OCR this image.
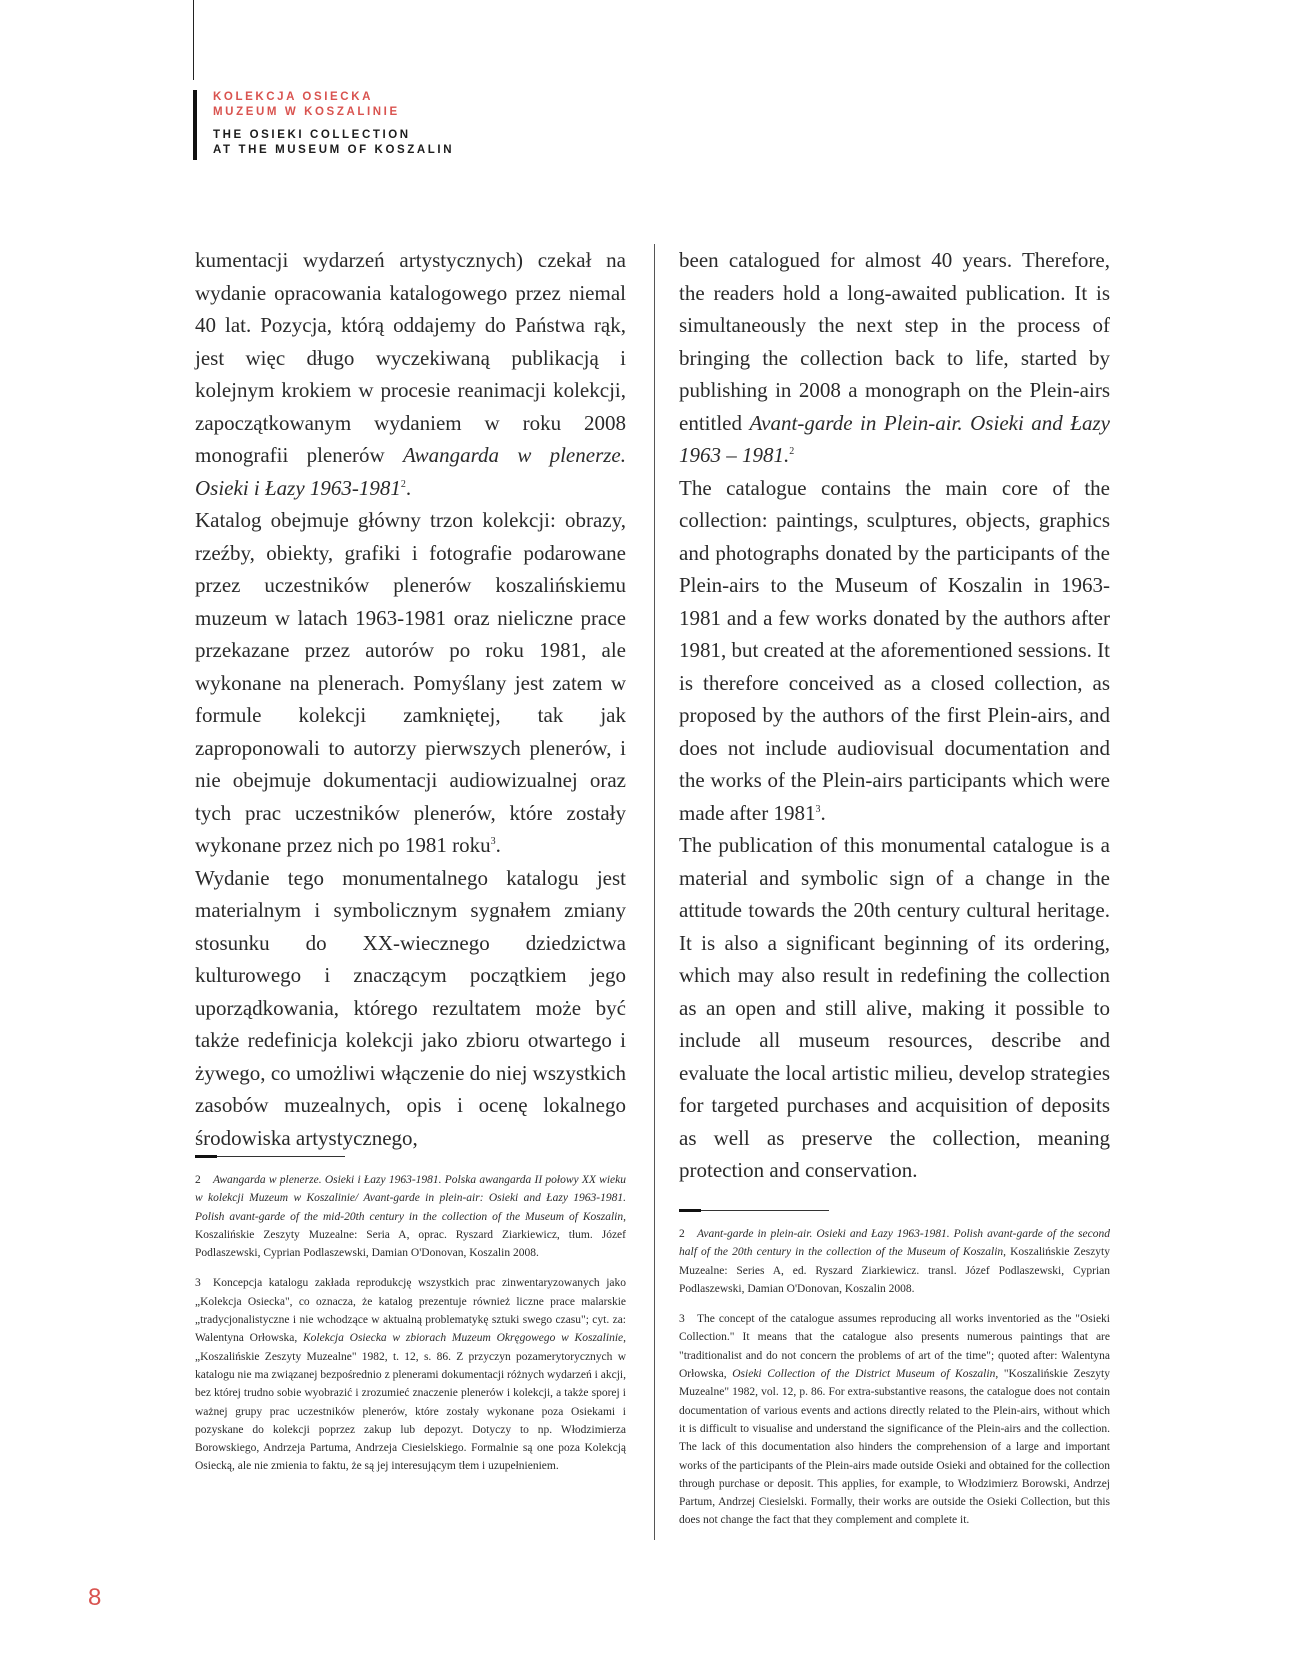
KOLEKCJA OSIECKA
MUZEUM W KOSZALINIE
THE OSIEKI COLLECTION
AT THE MUSEUM OF KOSZALIN

kumentacji wydarzeń artystycznych) czekał na wydanie opracowania katalogowego przez niemal 40 lat. Pozycja, którą oddajemy do Państwa rąk, jest więc długo wyczekiwaną publikacją i kolejnym krokiem w procesie reanimacji kolekcji, zapoczątkowanym wydaniem w roku 2008 monografii plenerów Awangarda w plenerze. Osieki i Łazy 1963-1981$^2$.

Katalog obejmuje główny trzon kolekcji: obrazy, rzeźby, obiekty, grafiki i fotografie podarowane przez uczestników plenerów koszalińskiemu muzeum w latach 1963-1981 oraz nieliczne prace przekazane przez autorów po roku 1981, ale wykonane na plenerach. Pomyślany jest zatem w formule kolekcji zamkniętej, tak jak zaproponowali to autorzy pierwszych plenerów, i nie obejmuje dokumentacji audiowizualnej oraz tych prac uczestników plenerów, które zostały wykonane przez nich po 1981 roku$^3$.

Wydanie tego monumentalnego katalogu jest materialnym i symbolicznym sygnałem zmiany stosunku do XX-wiecznego dziedzictwa kulturowego i znaczącym początkiem jego uporządkowania, którego rezultatem może być także redefinicja kolekcji jako zbioru otwartego i żywego, co umożliwi włączenie do niej wszystkich zasobów muzealnych, opis i ocenę lokalnego środowiska artystycznego,

been catalogued for almost 40 years. Therefore, the readers hold a long-awaited publication. It is simultaneously the next step in the process of bringing the collection back to life, started by publishing in 2008 a monograph on the Plein-airs entitled Avant-garde in Plein-air. Osieki and Łazy 1963 – 1981.$^2$

The catalogue contains the main core of the collection: paintings, sculptures, objects, graphics and photographs donated by the participants of the Plein-airs to the Museum of Koszalin in 1963-1981 and a few works donated by the authors after 1981, but created at the aforementioned sessions. It is therefore conceived as a closed collection, as proposed by the authors of the first Plein-airs, and does not include audiovisual documentation and the works of the Plein-airs participants which were made after 1981$^3$.

The publication of this monumental catalogue is a material and symbolic sign of a change in the attitude towards the 20th century cultural heritage. It is also a significant beginning of its ordering, which may also result in redefining the collection as an open and still alive, making it possible to include all museum resources, describe and evaluate the local artistic milieu, develop strategies for targeted purchases and acquisition of deposits as well as preserve the collection, meaning protection and conservation.

2 Awangarda w plenerze. Osieki i Łazy 1963-1981. Polska awangarda II połowy XX wieku w kolekcji Muzeum w Koszalinie/ Avant-garde in plein-air: Osieki and Łazy 1963-1981. Polish avant-garde of the mid-20th century in the collection of the Museum of Koszalin, Koszalińskie Zeszyty Muzealne: Seria A, oprac. Ryszard Ziarkiewicz, tłum. Józef Podlaszewski, Cyprian Podlaszewski, Damian O'Donovan, Koszalin 2008.

3 Koncepcja katalogu zakłada reprodukcję wszystkich prac zinwentaryzowanych jako „Kolekcja Osiecka", co oznacza, że katalog prezentuje również liczne prace malarskie „tradycjonalistyczne i nie wchodzące w aktualną problematykę sztuki swego czasu"; cyt. za: Walentyna Orłowska, Kolekcja Osiecka w zbiorach Muzeum Okręgowego w Koszalinie, „Koszalińskie Zeszyty Muzealne" 1982, t. 12, s. 86. Z przyczyn pozamerytorycznych w katalogu nie ma związanej bezpośrednio z plenerami dokumentacji różnych wydarzeń i akcji, bez której trudno sobie wyobrazić i zrozumieć znaczenie plenerów i kolekcji, a także sporej i ważnej grupy prac uczestników plenerów, które zostały wykonane poza Osiekami i pozyskane do kolekcji poprzez zakup lub depozyt. Dotyczy to np. Włodzimierza Borowskiego, Andrzeja Partuma, Andrzeja Ciesielskiego. Formalnie są one poza Kolekcją Osiecką, ale nie zmienia to faktu, że są jej interesującym tłem i uzupełnieniem.

2 Avant-garde in plein-air. Osieki and Łazy 1963-1981. Polish avant-garde of the second half of the 20th century in the collection of the Museum of Koszalin, Koszalińskie Zeszyty Muzealne: Series A, ed. Ryszard Ziarkiewicz. transl. Józef Podlaszewski, Cyprian Podlaszewski, Damian O'Donovan, Koszalin 2008.

3 The concept of the catalogue assumes reproducing all works inventoried as the "Osieki Collection." It means that the catalogue also presents numerous paintings that are "traditionalist and do not concern the problems of art of the time"; quoted after: Walentyna Orłowska, Osieki Collection of the District Museum of Koszalin, "Koszalińskie Zeszyty Muzealne" 1982, vol. 12, p. 86. For extra-substantive reasons, the catalogue does not contain documentation of various events and actions directly related to the Plein-airs, without which it is difficult to visualise and understand the significance of the Plein-airs and the collection. The lack of this documentation also hinders the comprehension of a large and important works of the participants of the Plein-airs made outside Osieki and obtained for the collection through purchase or deposit. This applies, for example, to Włodzimierz Borowski, Andrzej Partum, Andrzej Ciesielski. Formally, their works are outside the Osieki Collection, but this does not change the fact that they complement and complete it.

8
